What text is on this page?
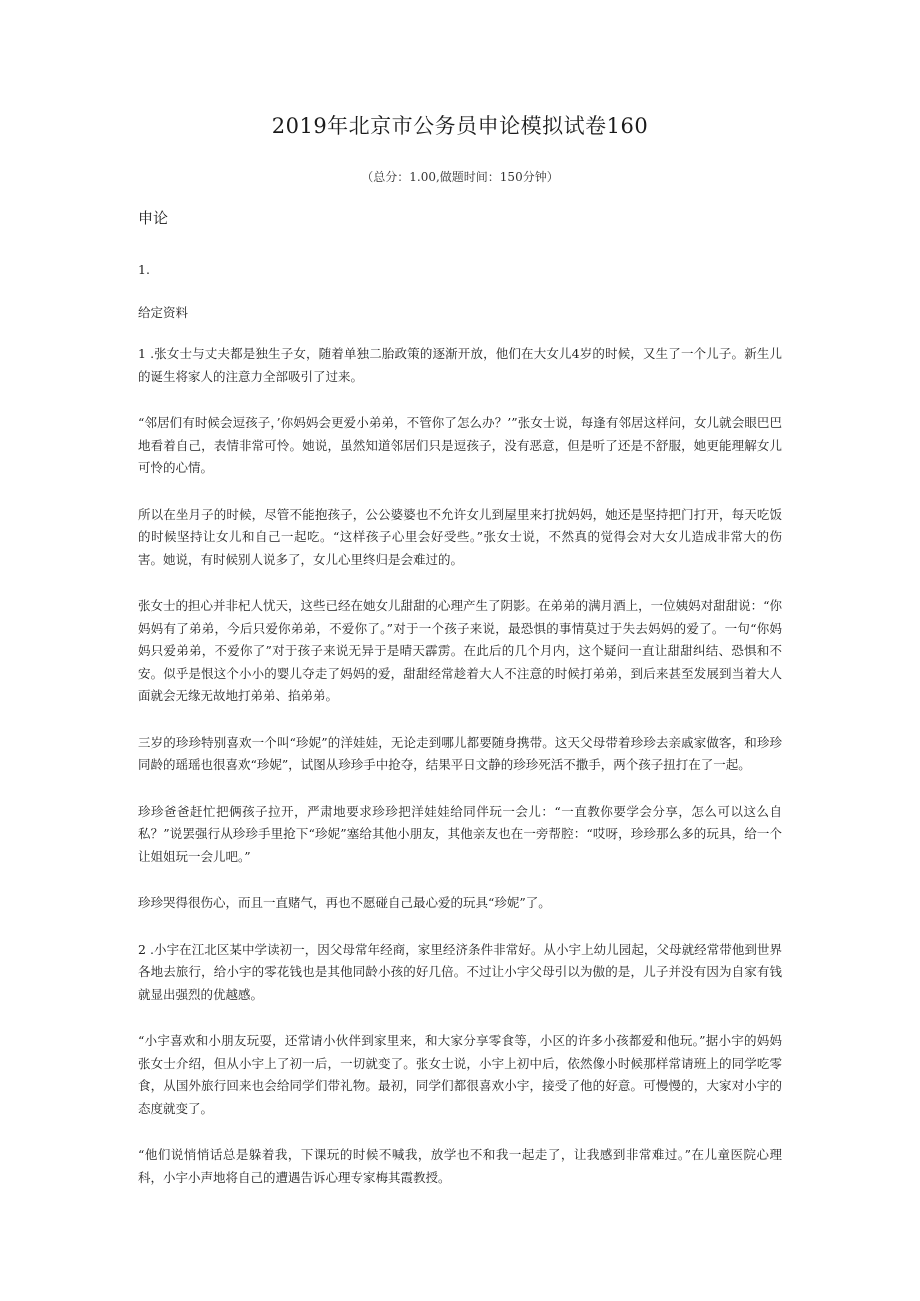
2019年北京市公务员申论模拟试卷160
（总分：1.00,做题时间：150分钟）
申论
1.
给定资料

1 .张女士与丈夫都是独生子女，随着单独二胎政策的逐渐开放，他们在大女儿4岁的时候，又生了一个儿子。新生儿的诞生将家人的注意力全部吸引了过来。

“邻居们有时候会逗孩子，’你妈妈会更爱小弟弟，不管你了怎么办？’”张女士说，每逢有邻居这样问，女儿就会眼巴巴地看着自己，表情非常可怜。她说，虽然知道邻居们只是逗孩子，没有恶意，但是听了还是不舒服，她更能理解女儿可怜的心情。

所以在坐月子的时候，尽管不能抱孩子，公公婆婆也不允许女儿到屋里来打扰妈妈，她还是坚持把门打开，每天吃饭的时候坚持让女儿和自己一起吃。“这样孩子心里会好受些。”张女士说，不然真的觉得会对大女儿造成非常大的伤害。她说，有时候别人说多了，女儿心里终归是会难过的。

张女士的担心并非杞人忧天，这些已经在她女儿甜甜的心理产生了阴影。在弟弟的满月酒上，一位姨妈对甜甜说：“你妈妈有了弟弟，今后只爱你弟弟，不爱你了。”对于一个孩子来说，最恐惧的事情莫过于失去妈妈的爱了。一句“你妈妈只爱弟弟，不爱你了”对于孩子来说无异于是晴天霹雳。在此后的几个月内，这个疑问一直让甜甜纠结、恐惧和不安。似乎是恨这个小小的婴儿夺走了妈妈的爱，甜甜经常趁着大人不注意的时候打弟弟，到后来甚至发展到当着大人面就会无缘无故地打弟弟、掐弟弟。

三岁的珍珍特别喜欢一个叫“珍妮”的洋娃娃，无论走到哪儿都要随身携带。这天父母带着珍珍去亲戚家做客，和珍珍同龄的瑶瑶也很喜欢“珍妮”，试图从珍珍手中抢夺，结果平日文静的珍珍死活不撒手，两个孩子扭打在了一起。

珍珍爸爸赶忙把俩孩子拉开，严肃地要求珍珍把洋娃娃给同伴玩一会儿：“一直教你要学会分享，怎么可以这么自私？”说罢强行从珍珍手里抢下“珍妮”塞给其他小朋友，其他亲友也在一旁帮腔：“哎呀，珍珍那么多的玩具，给一个让姐姐玩一会儿吧。”

珍珍哭得很伤心，而且一直赌气，再也不愿碰自己最心爱的玩具“珍妮”了。

2 .小宇在江北区某中学读初一，因父母常年经商，家里经济条件非常好。从小宇上幼儿园起，父母就经常带他到世界各地去旅行，给小宇的零花钱也是其他同龄小孩的好几倍。不过让小宇父母引以为傲的是，儿子并没有因为自家有钱就显出强烈的优越感。

“小宇喜欢和小朋友玩耍，还常请小伙伴到家里来，和大家分享零食等，小区的许多小孩都爱和他玩。”据小宇的妈妈张女士介绍，但从小宇上了初一后，一切就变了。张女士说，小宇上初中后，依然像小时候那样常请班上的同学吃零食，从国外旅行回来也会给同学们带礼物。最初，同学们都很喜欢小宇，接受了他的好意。可慢慢的，大家对小宇的态度就变了。

“他们说悄悄话总是躲着我，下课玩的时候不喊我，放学也不和我一起走了，让我感到非常难过。”在儿童医院心理科，小宇小声地将自己的遭遇告诉心理专家梅其霞教授。
